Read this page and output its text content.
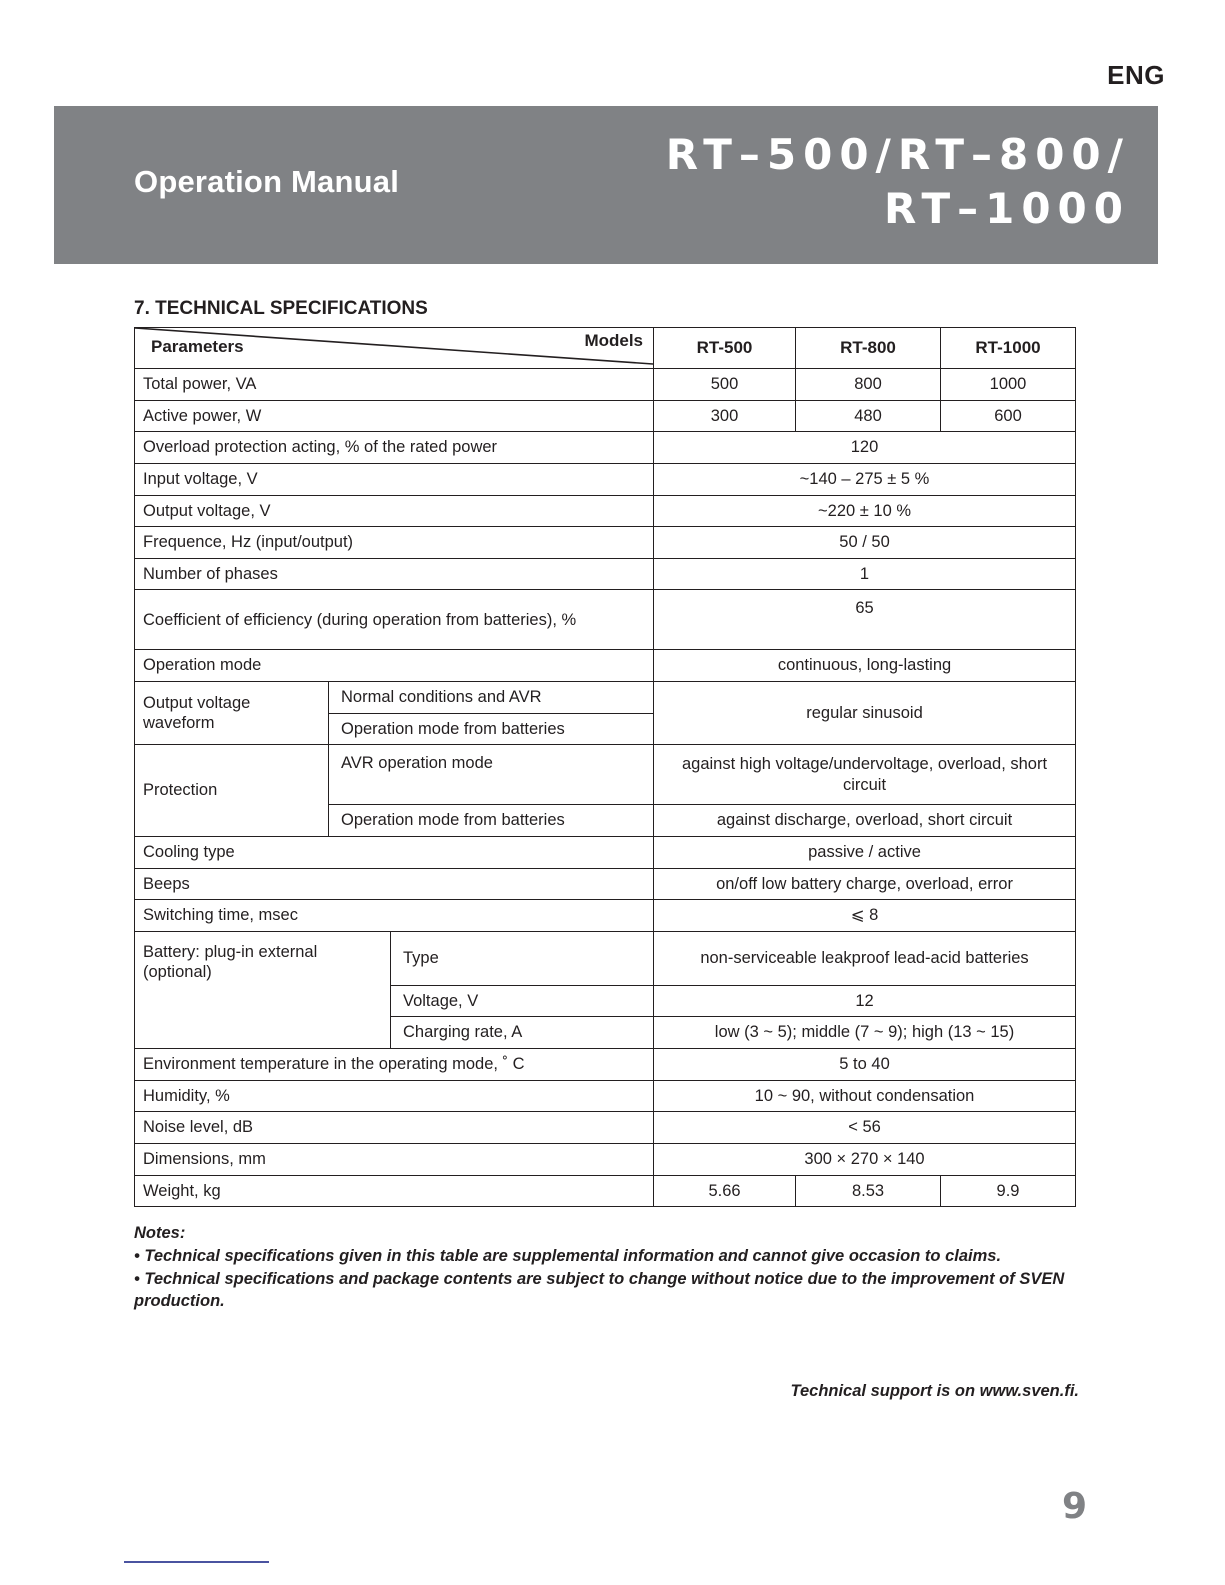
ENG
Operation Manual
RT–500/RT–800/
RT–1000
7. TECHNICAL SPECIFICATIONS
Parameters Models			RT-500	RT-800	RT-1000
Total power, VA			500	800	1000
Active power, W			300	480	600
Overload protection acting, % of the rated power			120		
Input voltage, V			~140 – 275 ± 5 %		
Output voltage, V			~220 ± 10 %		
Frequence, Hz (input/output)			50 / 50		
Number of phases			1		
Coefficient of efficiency (during operation from batteries), %			65		
Operation mode			continuous, long-lasting		
Output voltage waveform	Normal conditions and AVR		regular sinusoid		
	Operation mode from batteries				
Protection	AVR operation mode		against high voltage/undervoltage, overload, short circuit		
	Operation mode from batteries		against discharge, overload, short circuit		
Cooling type			passive / active		
Beeps			on/off low battery charge, overload, error		
Switching time, msec			⩽ 8		
Battery: plug-in external (optional)		Type	non-serviceable leakproof lead-acid batteries		
		Voltage, V	12		
		Charging rate, A	low (3 ~ 5); middle (7 ~ 9); high (13 ~ 15)		
Environment temperature in the operating mode, ˚ C			5 to 40		
Humidity, %			10 ~ 90, without condensation		
Noise level, dB			< 56		
Dimensions, mm			300 × 270 × 140		
Weight, kg			5.66	8.53	9.9
Notes:
• Technical specifications given in this table are supplemental information and cannot give occasion to claims.
• Technical specifications and package contents are subject to change without notice due to the improvement of SVEN production.
Technical support is on www.sven.fi.
9
